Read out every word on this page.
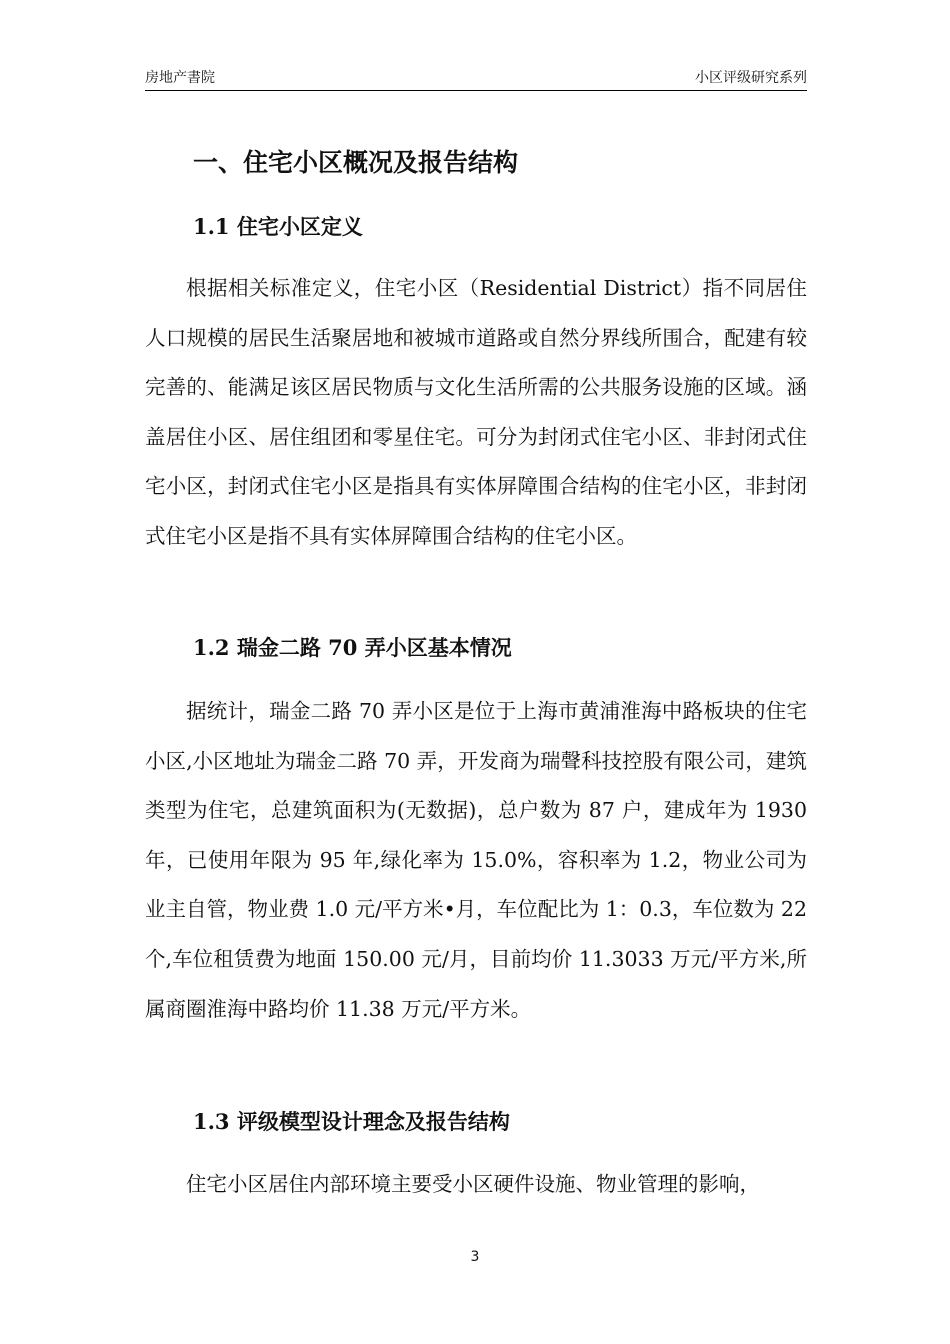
房地产書院	小区评级研究系列
一、住宅小区概况及报告结构
1.1 住宅小区定义

根据相关标准定义，住宅小区（Residential District）指不同居住人口规模的居民生活聚居地和被城市道路或自然分界线所围合，配建有较完善的、能满足该区居民物质与文化生活所需的公共服务设施的区域。涵盖居住小区、居住组团和零星住宅。可分为封闭式住宅小区、非封闭式住宅小区，封闭式住宅小区是指具有实体屏障围合结构的住宅小区，非封闭式住宅小区是指不具有实体屏障围合结构的住宅小区。

1.2 瑞金二路 70 弄小区基本情况

据统计，瑞金二路 70 弄小区是位于上海市黄浦淮海中路板块的住宅小区,小区地址为瑞金二路 70 弄，开发商为瑞聲科技控股有限公司，建筑类型为住宅，总建筑面积为(无数据)，总户数为 87 户，建成年为 1930 年，已使用年限为 95 年,绿化率为 15.0%，容积率为 1.2，物业公司为业主自管，物业费 1.0 元/平方米•月，车位配比为 1：0.3，车位数为 22 个,车位租赁费为地面 150.00 元/月，目前均价 11.3033 万元/平方米,所属商圈淮海中路均价 11.38 万元/平方米。

1.3 评级模型设计理念及报告结构

住宅小区居住内部环境主要受小区硬件设施、物业管理的影响，

3
